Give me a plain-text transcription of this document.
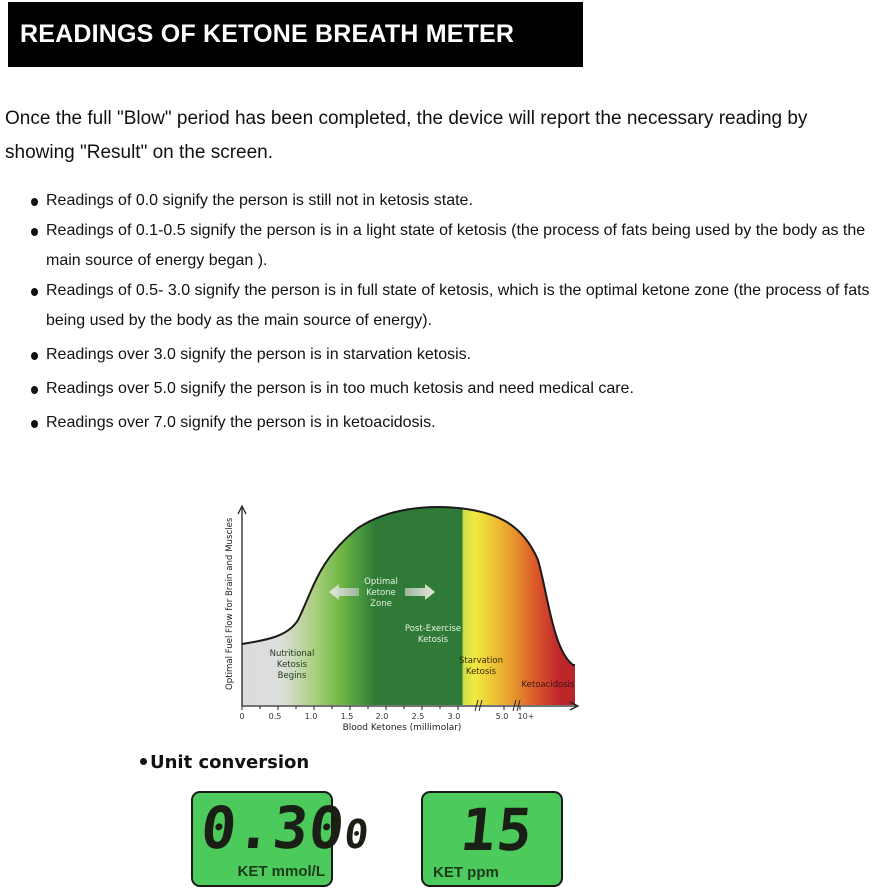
READINGS OF KETONE BREATH METER
Once the full "Blow" period has been completed, the device will report the necessary reading by showing "Result" on the screen.
Readings of 0.0 signify the person is still not in ketosis state.
Readings of 0.1-0.5 signify the person is in a light state of ketosis (the process of fats being used by the body as the main source of energy began ).
Readings of 0.5- 3.0 signify the person is in full state of ketosis, which is the optimal ketone zone (the process of fats being used by the body as the main source of energy).
Readings over 3.0 signify the person is in starvation ketosis.
Readings over 5.0 signify the person is in too much ketosis and need medical care.
Readings over 7.0 signify the person is in ketoacidosis.
0	0.5	1.0	1.5	2.0	2.5	3.0	5.0 10+
Blood Ketones (millimolar)
Optimal Fuel Flow for Brain and Muscles	Nutritional
Ketosis
Begins
Optimal
Ketone
Zone
Post-Exercise
Ketosis
Starvation
Ketosis
Ketoacidosis
Unit conversion
0.300
KET mmol/L
15
KET ppm
